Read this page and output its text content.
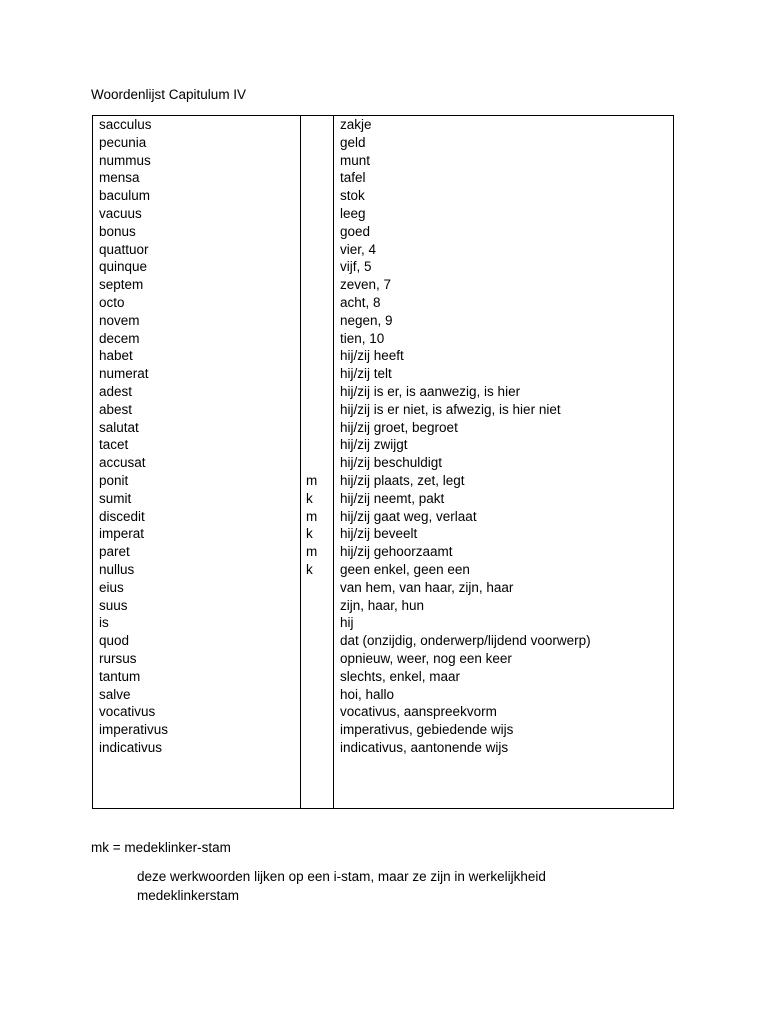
Woordenlijst Capitulum IV
sacculus
pecunia
nummus
mensa
baculum
vacuus
bonus
quattuor
quinque
septem
octo
novem
decem
habet
numerat
adest
abest
salutat
tacet
accusat
ponit
sumit
discedit
imperat
paret
nullus
eius
suus
is
quod
rursus
tantum
salve
vocativus
imperativus
indicativus
m
k
m
k
m
k
zakje
geld
munt
tafel
stok
leeg
goed
vier, 4
vijf, 5
zeven, 7
acht, 8
negen, 9
tien, 10
hij/zij heeft
hij/zij telt
hij/zij is er, is aanwezig, is hier
hij/zij is er niet, is afwezig, is hier niet
hij/zij groet, begroet
hij/zij zwijgt
hij/zij beschuldigt
hij/zij plaats, zet, legt
hij/zij neemt, pakt
hij/zij gaat weg, verlaat
hij/zij beveelt
hij/zij gehoorzaamt
geen enkel, geen een
van hem, van haar, zijn, haar
zijn, haar, hun
hij
dat (onzijdig, onderwerp/lijdend voorwerp)
opnieuw, weer, nog een keer
slechts, enkel, maar
hoi, hallo
vocativus, aanspreekvorm
imperativus, gebiedende wijs
indicativus, aantonende wijs
mk = medeklinker-stam
deze werkwoorden lijken op een i-stam, maar ze zijn in werkelijkheid medeklinkerstam
